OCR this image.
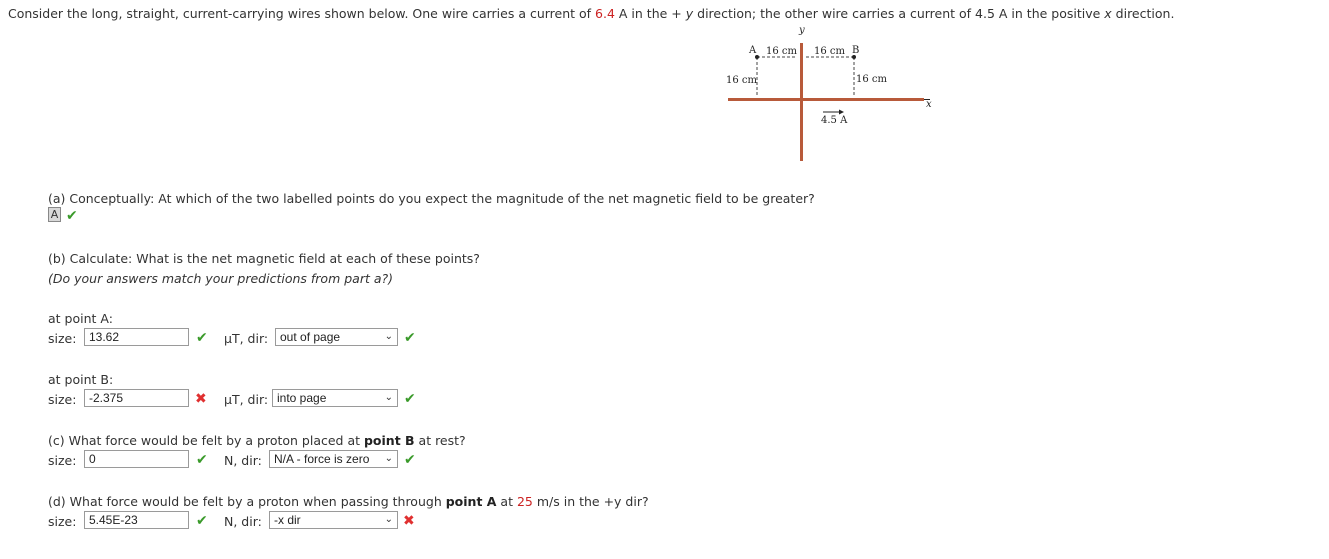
Consider the long, straight, current-carrying wires shown below. One wire carries a current of 6.4 A in the + y direction; the other wire carries a current of 4.5 A in the positive x direction.
y
x
A	B
16 cm 16 cm
16 cm	16 cm
4.5 A
(a) Conceptually: At which of the two labelled points do you expect the magnitude of the net magnetic field to be greater?
A ✔
(b) Calculate: What is the net magnetic field at each of these points?
(Do your answers match your predictions from part a?)
at point A:
size:	13.62	✔ μT, dir: out of page	⌄ ✔
at point B:
size:	-2.375	✖ μT, dir: into page	⌄ ✔
(c) What force would be felt by a proton placed at point B at rest?
size:	0	✔ N, dir:	N/A - force is zero ⌄ ✔
(d) What force would be felt by a proton when passing through point A at 25 m/s in the +y dir?
size:	5.45E-23	✔ N, dir:	-x dir	⌄ ✖
